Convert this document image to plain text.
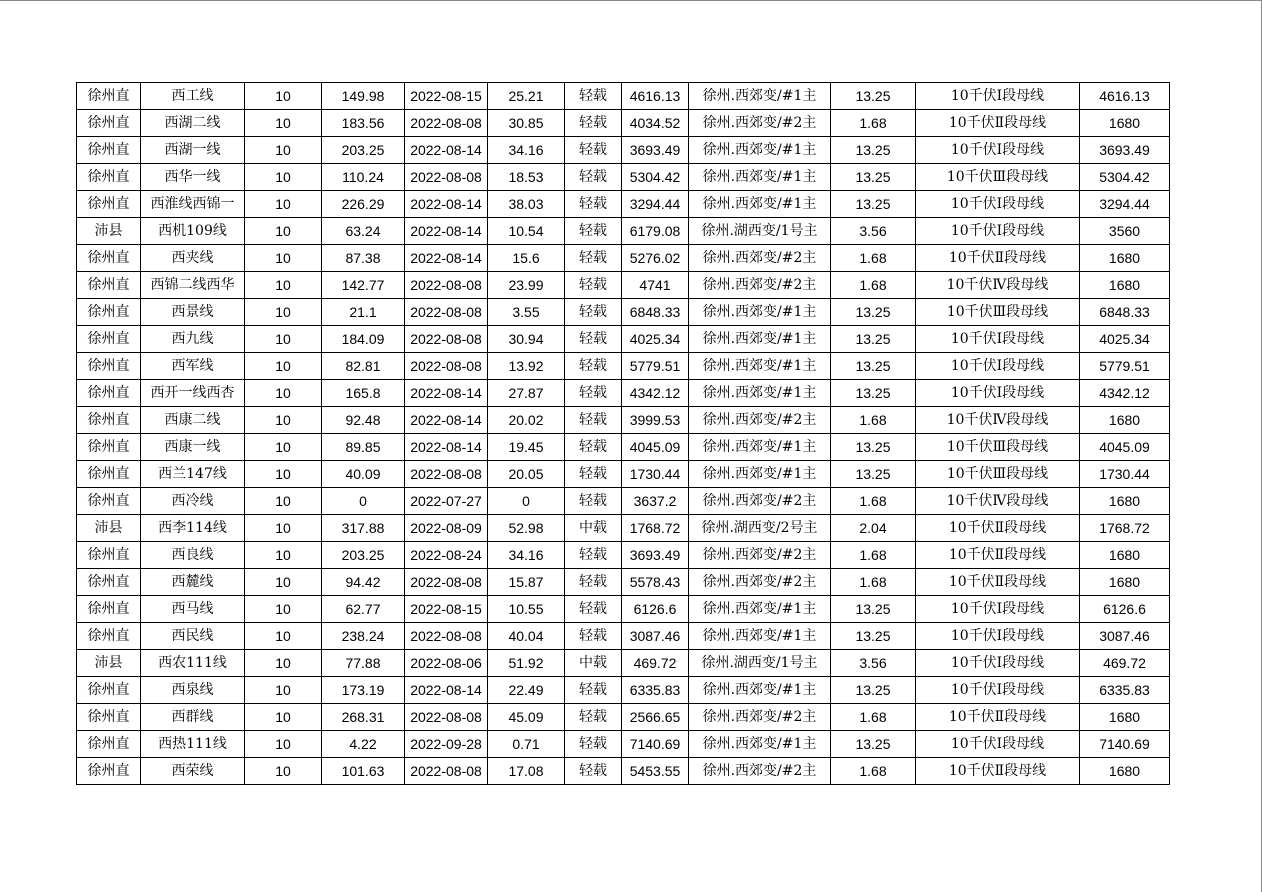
徐州直	西工线	10	149.98	2022-08-15	25.21	轻载	4616.13	徐州.西郊变/#1主	13.25	10千伏Ⅰ段母线	4616.13
徐州直	西湖二线	10	183.56	2022-08-08	30.85	轻载	4034.52	徐州.西郊变/#2主	1.68	10千伏Ⅱ段母线	1680
徐州直	西湖一线	10	203.25	2022-08-14	34.16	轻载	3693.49	徐州.西郊变/#1主	13.25	10千伏Ⅰ段母线	3693.49
徐州直	西华一线	10	110.24	2022-08-08	18.53	轻载	5304.42	徐州.西郊变/#1主	13.25	10千伏Ⅲ段母线	5304.42
徐州直	西淮线西锦一	10	226.29	2022-08-14	38.03	轻载	3294.44	徐州.西郊变/#1主	13.25	10千伏Ⅰ段母线	3294.44
沛县	西机109线	10	63.24	2022-08-14	10.54	轻载	6179.08	徐州.湖西变/1号主	3.56	10千伏Ⅰ段母线	3560
徐州直	西夹线	10	87.38	2022-08-14	15.6	轻载	5276.02	徐州.西郊变/#2主	1.68	10千伏Ⅱ段母线	1680
徐州直	西锦二线西华	10	142.77	2022-08-08	23.99	轻载	4741	徐州.西郊变/#2主	1.68	10千伏Ⅳ段母线	1680
徐州直	西景线	10	21.1	2022-08-08	3.55	轻载	6848.33	徐州.西郊变/#1主	13.25	10千伏Ⅲ段母线	6848.33
徐州直	西九线	10	184.09	2022-08-08	30.94	轻载	4025.34	徐州.西郊变/#1主	13.25	10千伏Ⅰ段母线	4025.34
徐州直	西军线	10	82.81	2022-08-08	13.92	轻载	5779.51	徐州.西郊变/#1主	13.25	10千伏Ⅰ段母线	5779.51
徐州直	西开一线西杏	10	165.8	2022-08-14	27.87	轻载	4342.12	徐州.西郊变/#1主	13.25	10千伏Ⅰ段母线	4342.12
徐州直	西康二线	10	92.48	2022-08-14	20.02	轻载	3999.53	徐州.西郊变/#2主	1.68	10千伏Ⅳ段母线	1680
徐州直	西康一线	10	89.85	2022-08-14	19.45	轻载	4045.09	徐州.西郊变/#1主	13.25	10千伏Ⅲ段母线	4045.09
徐州直	西兰147线	10	40.09	2022-08-08	20.05	轻载	1730.44	徐州.西郊变/#1主	13.25	10千伏Ⅲ段母线	1730.44
徐州直	西冷线	10	0	2022-07-27	0	轻载	3637.2	徐州.西郊变/#2主	1.68	10千伏Ⅳ段母线	1680
沛县	西李114线	10	317.88	2022-08-09	52.98	中载	1768.72	徐州.湖西变/2号主	2.04	10千伏Ⅱ段母线	1768.72
徐州直	西良线	10	203.25	2022-08-24	34.16	轻载	3693.49	徐州.西郊变/#2主	1.68	10千伏Ⅱ段母线	1680
徐州直	西麓线	10	94.42	2022-08-08	15.87	轻载	5578.43	徐州.西郊变/#2主	1.68	10千伏Ⅱ段母线	1680
徐州直	西马线	10	62.77	2022-08-15	10.55	轻载	6126.6	徐州.西郊变/#1主	13.25	10千伏Ⅰ段母线	6126.6
徐州直	西民线	10	238.24	2022-08-08	40.04	轻载	3087.46	徐州.西郊变/#1主	13.25	10千伏Ⅰ段母线	3087.46
沛县	西农111线	10	77.88	2022-08-06	51.92	中载	469.72	徐州.湖西变/1号主	3.56	10千伏Ⅰ段母线	469.72
徐州直	西泉线	10	173.19	2022-08-14	22.49	轻载	6335.83	徐州.西郊变/#1主	13.25	10千伏Ⅰ段母线	6335.83
徐州直	西群线	10	268.31	2022-08-08	45.09	轻载	2566.65	徐州.西郊变/#2主	1.68	10千伏Ⅱ段母线	1680
徐州直	西热111线	10	4.22	2022-09-28	0.71	轻载	7140.69	徐州.西郊变/#1主	13.25	10千伏Ⅰ段母线	7140.69
徐州直	西荣线	10	101.63	2022-08-08	17.08	轻载	5453.55	徐州.西郊变/#2主	1.68	10千伏Ⅱ段母线	1680
